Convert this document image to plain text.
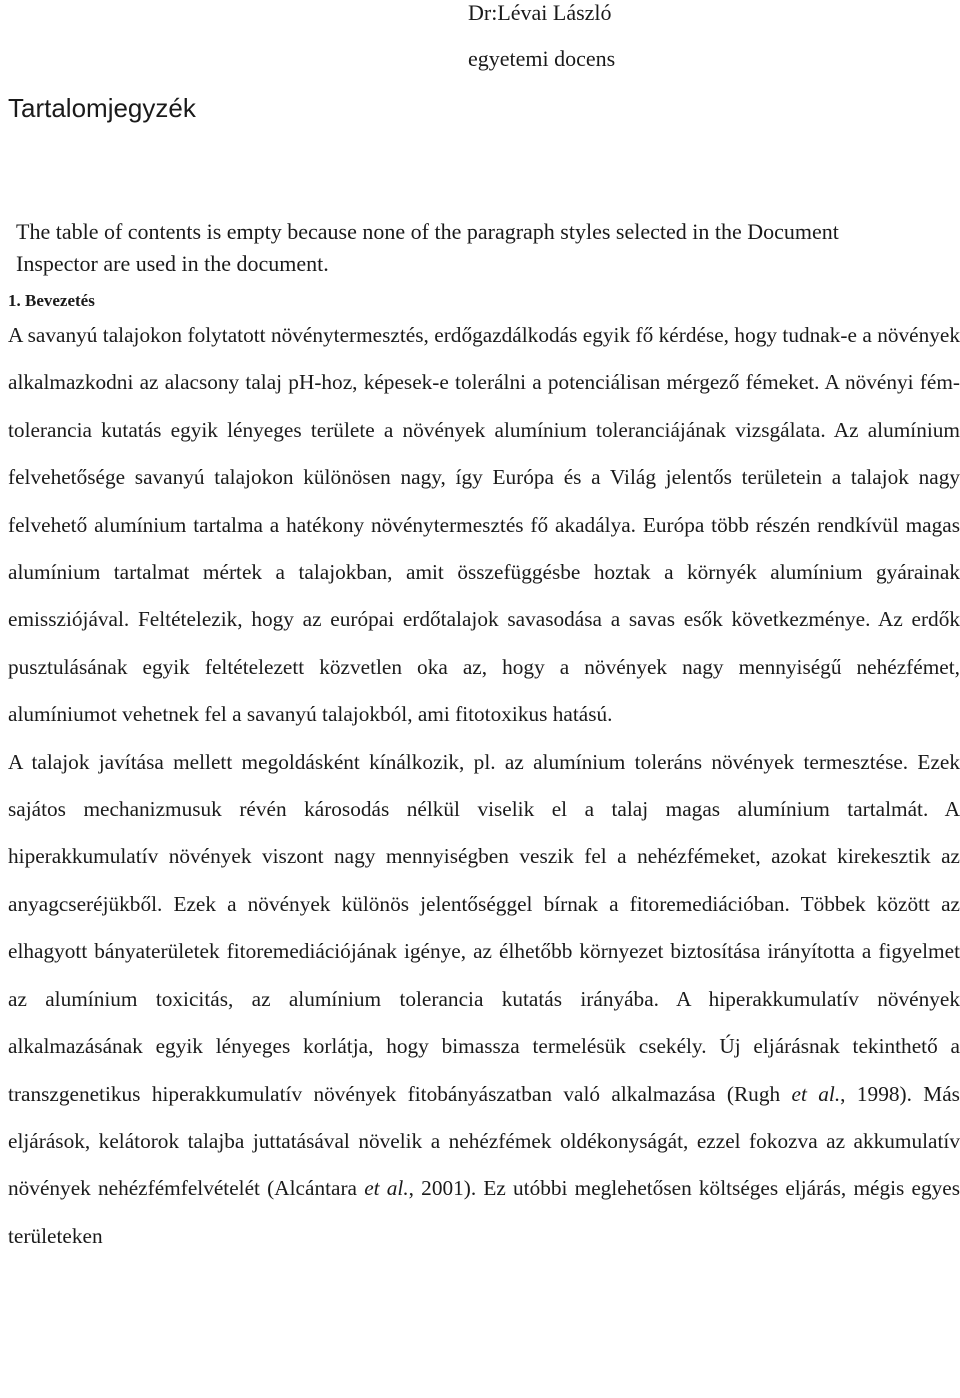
Dr:Lévai László
egyetemi docens
Tartalomjegyzék
The table of contents is empty because none of the paragraph styles selected in the Document Inspector are used in the document.
1. Bevezetés

A savanyú talajokon folytatott növénytermesztés, erdőgazdálkodás egyik fő kérdése, hogy tudnak-e a növények alkalmazkodni az alacsony talaj pH-hoz, képesek-e tolerálni a potenciálisan mérgező fémeket. A növényi fém-tolerancia kutatás egyik lényeges területe a növények alumínium toleranciájának vizsgálata. Az alumínium felvehetősége savanyú talajokon különösen nagy, így Európa és a Világ jelentős területein a talajok nagy felvehető alumínium tartalma a hatékony növénytermesztés fő akadálya. Európa több részén rendkívül magas alumínium tartalmat mértek a talajokban, amit összefüggésbe hoztak a környék alumínium gyárainak emissziójával. Feltételezik, hogy az európai erdőtalajok savasodása a savas esők következménye. Az erdők pusztulásának egyik feltételezett közvetlen oka az, hogy a növények nagy mennyiségű nehézfémet, alumíniumot vehetnek fel a savanyú talajokból, ami fitotoxikus hatású.

A talajok javítása mellett megoldásként kínálkozik, pl. az alumínium toleráns növények termesztése. Ezek sajátos mechanizmusuk révén károsodás nélkül viselik el a talaj magas alumínium tartalmát. A hiperakkumulatív növények viszont nagy mennyiségben veszik fel a nehézfémeket, azokat kirekesztik az anyagcseréjükből. Ezek a növények különös jelentőséggel bírnak a fitoremediációban. Többek között az elhagyott bányaterületek fitoremediációjának igénye, az élhetőbb környezet biztosítása irányította a figyelmet az alumínium toxicitás, az alumínium tolerancia kutatás irányába. A hiperakkumulatív növények alkalmazásának egyik lényeges korlátja, hogy bimassza termelésük csekély. Új eljárásnak tekinthető a transzgenetikus hiperakkumulatív növények fitobányászatban való alkalmazása (Rugh et al., 1998). Más eljárások, kelátorok talajba juttatásával növelik a nehézfémek oldékonyságát, ezzel fokozva az akkumulatív növények nehézfémfelvételét (Alcántara et al., 2001). Ez utóbbi meglehetősen költséges eljárás, mégis egyes területeken
